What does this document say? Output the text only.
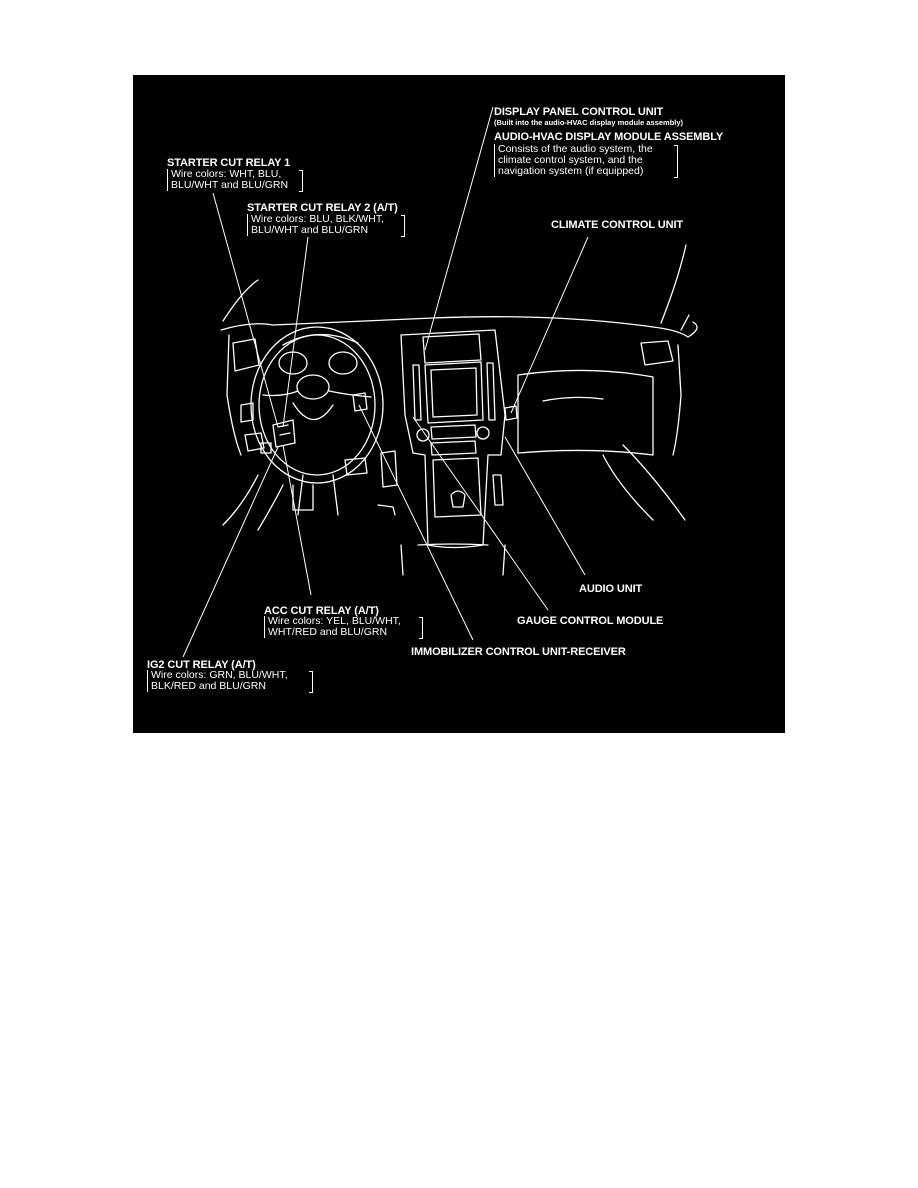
DISPLAY PANEL CONTROL UNIT
(Built into the audio-HVAC display module assembly)
AUDIO-HVAC DISPLAY MODULE ASSEMBLY
Consists of the audio system, the
climate control system, and the
navigation system (if equipped)
STARTER CUT RELAY 1
Wire colors: WHT, BLU,
BLU/WHT and BLU/GRN
STARTER CUT RELAY 2 (A/T)
Wire colors: BLU, BLK/WHT,
BLU/WHT and BLU/GRN	CLIMATE CONTROL UNIT
AUDIO UNIT
GAUGE CONTROL MODULE
ACC CUT RELAY (A/T)
Wire colors: YEL, BLU/WHT,
WHT/RED and BLU/GRN
IMMOBILIZER CONTROL UNIT-RECEIVER
IG2 CUT RELAY (A/T)
Wire colors: GRN, BLU/WHT,
BLK/RED and BLU/GRN
